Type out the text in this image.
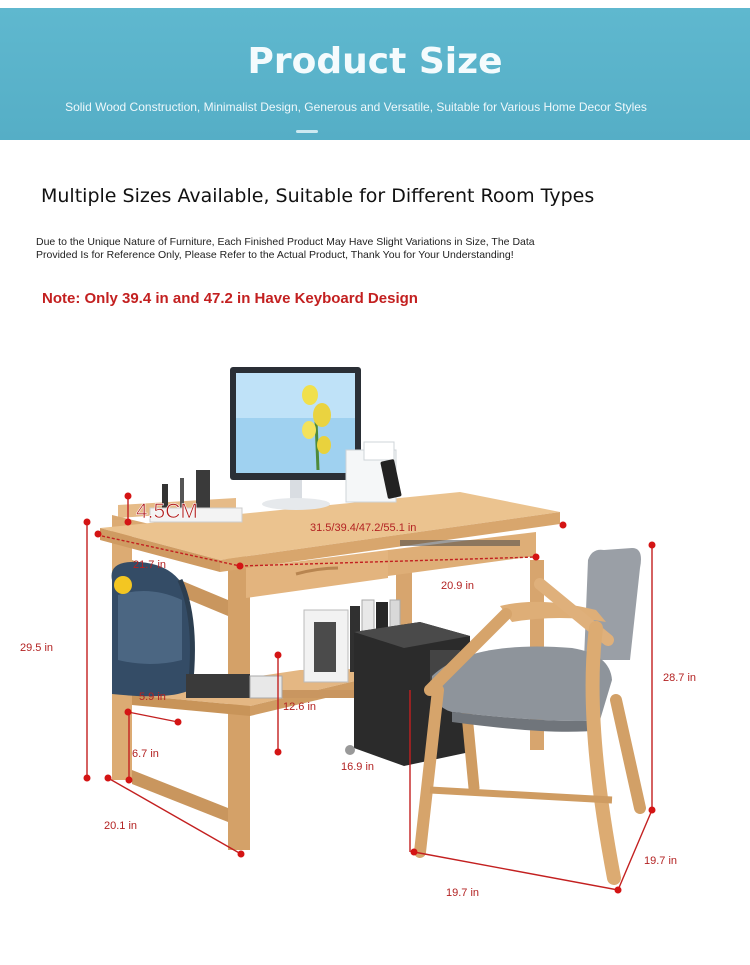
Product Size
Solid Wood Construction, Minimalist Design, Generous and Versatile, Suitable for Various Home Decor Styles
Multiple Sizes Available, Suitable for Different Room Types
Due to the Unique Nature of Furniture, Each Finished Product May Have Slight Variations in Size, The Data
Provided Is for Reference Only, Please Refer to the Actual Product, Thank You for Your Understanding!
Note: Only 39.4 in and 47.2 in Have Keyboard Design
4.5CM
31.5/39.4/47.2/55.1 in
21.7 in
20.9 in
29.5 in
28.7 in
5.9 in
12.6 in
6.7 in
16.9 in
20.1 in
19.7 in
19.7 in
